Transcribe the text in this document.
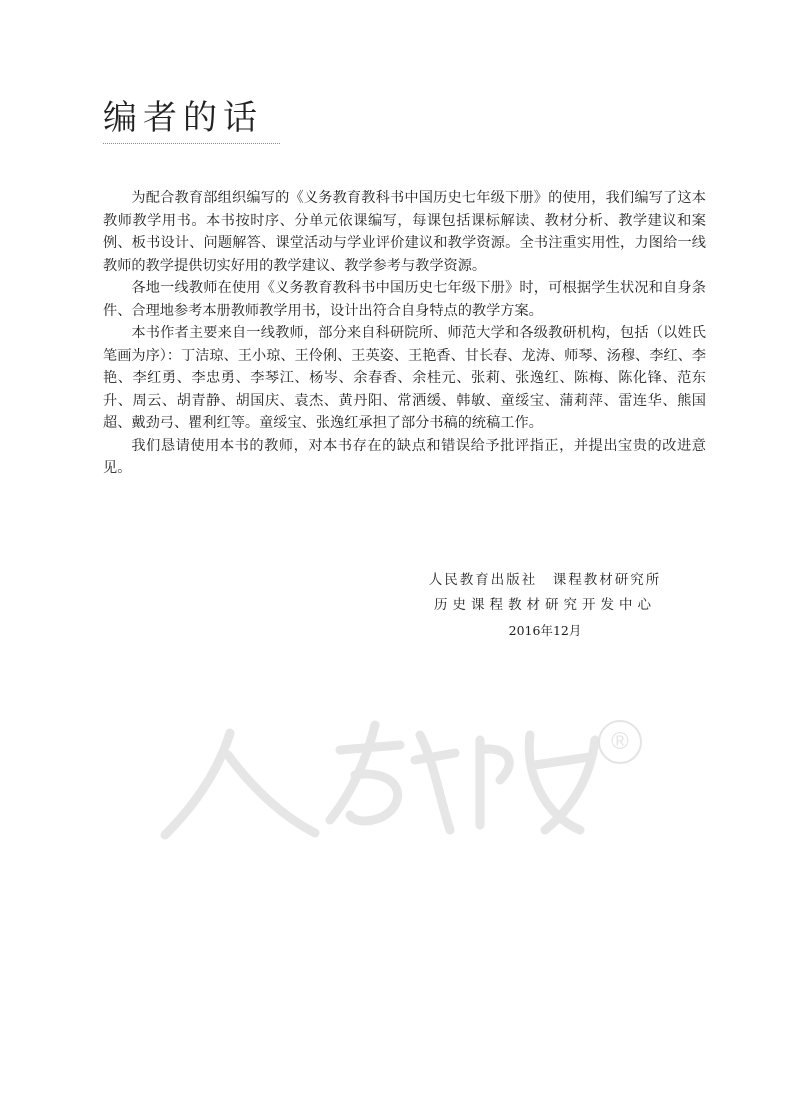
编者的话

为配合教育部组织编写的《义务教育教科书中国历史七年级下册》的使用，我们编写了这本教师教学用书。本书按时序、分单元依课编写，每课包括课标解读、教材分析、教学建议和案例、板书设计、问题解答、课堂活动与学业评价建议和教学资源。全书注重实用性，力图给一线教师的教学提供切实好用的教学建议、教学参考与教学资源。

各地一线教师在使用《义务教育教科书中国历史七年级下册》时，可根据学生状况和自身条件、合理地参考本册教师教学用书，设计出符合自身特点的教学方案。

本书作者主要来自一线教师，部分来自科研院所、师范大学和各级教研机构，包括（以姓氏笔画为序）：丁洁琼、王小琼、王伶俐、王英姿、王艳香、甘长春、龙涛、师琴、汤穆、李红、李艳、李红勇、李忠勇、李琴江、杨岑、余春香、余桂元、张莉、张逸红、陈梅、陈化锋、范东升、周云、胡青静、胡国庆、袁杰、黄丹阳、常洒缓、韩敏、童绥宝、蒲莉萍、雷连华、熊国超、戴劲弓、瞿利红等。童绥宝、张逸红承担了部分书稿的统稿工作。

我们恳请使用本书的教师，对本书存在的缺点和错误给予批评指正，并提出宝贵的改进意见。

人民教育出版社　课程教材研究所
历史课程教材研究开发中心
2016年12月
®
